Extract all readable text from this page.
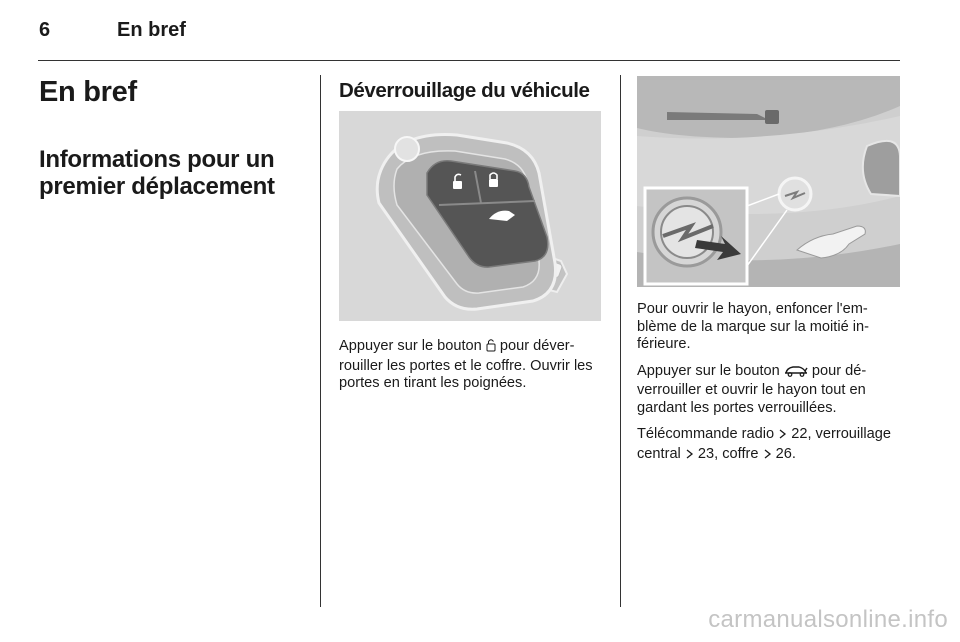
6	En bref
En bref
Informations pour un premier déplacement
Déverrouillage du véhicule

Appuyer sur le bouton  pour déverrouiller les portes et le coffre. Ouvrir les portes en tirant les poignées.

Pour ouvrir le hayon, enfoncer l'emblème de la marque sur la moitié inférieure.

Appuyer sur le bouton  pour déverrouiller et ouvrir le hayon tout en gardant les portes verrouillées.

Télécommande radio  22, verrouillage central  23, coffre  26.

carmanualsonline.info
